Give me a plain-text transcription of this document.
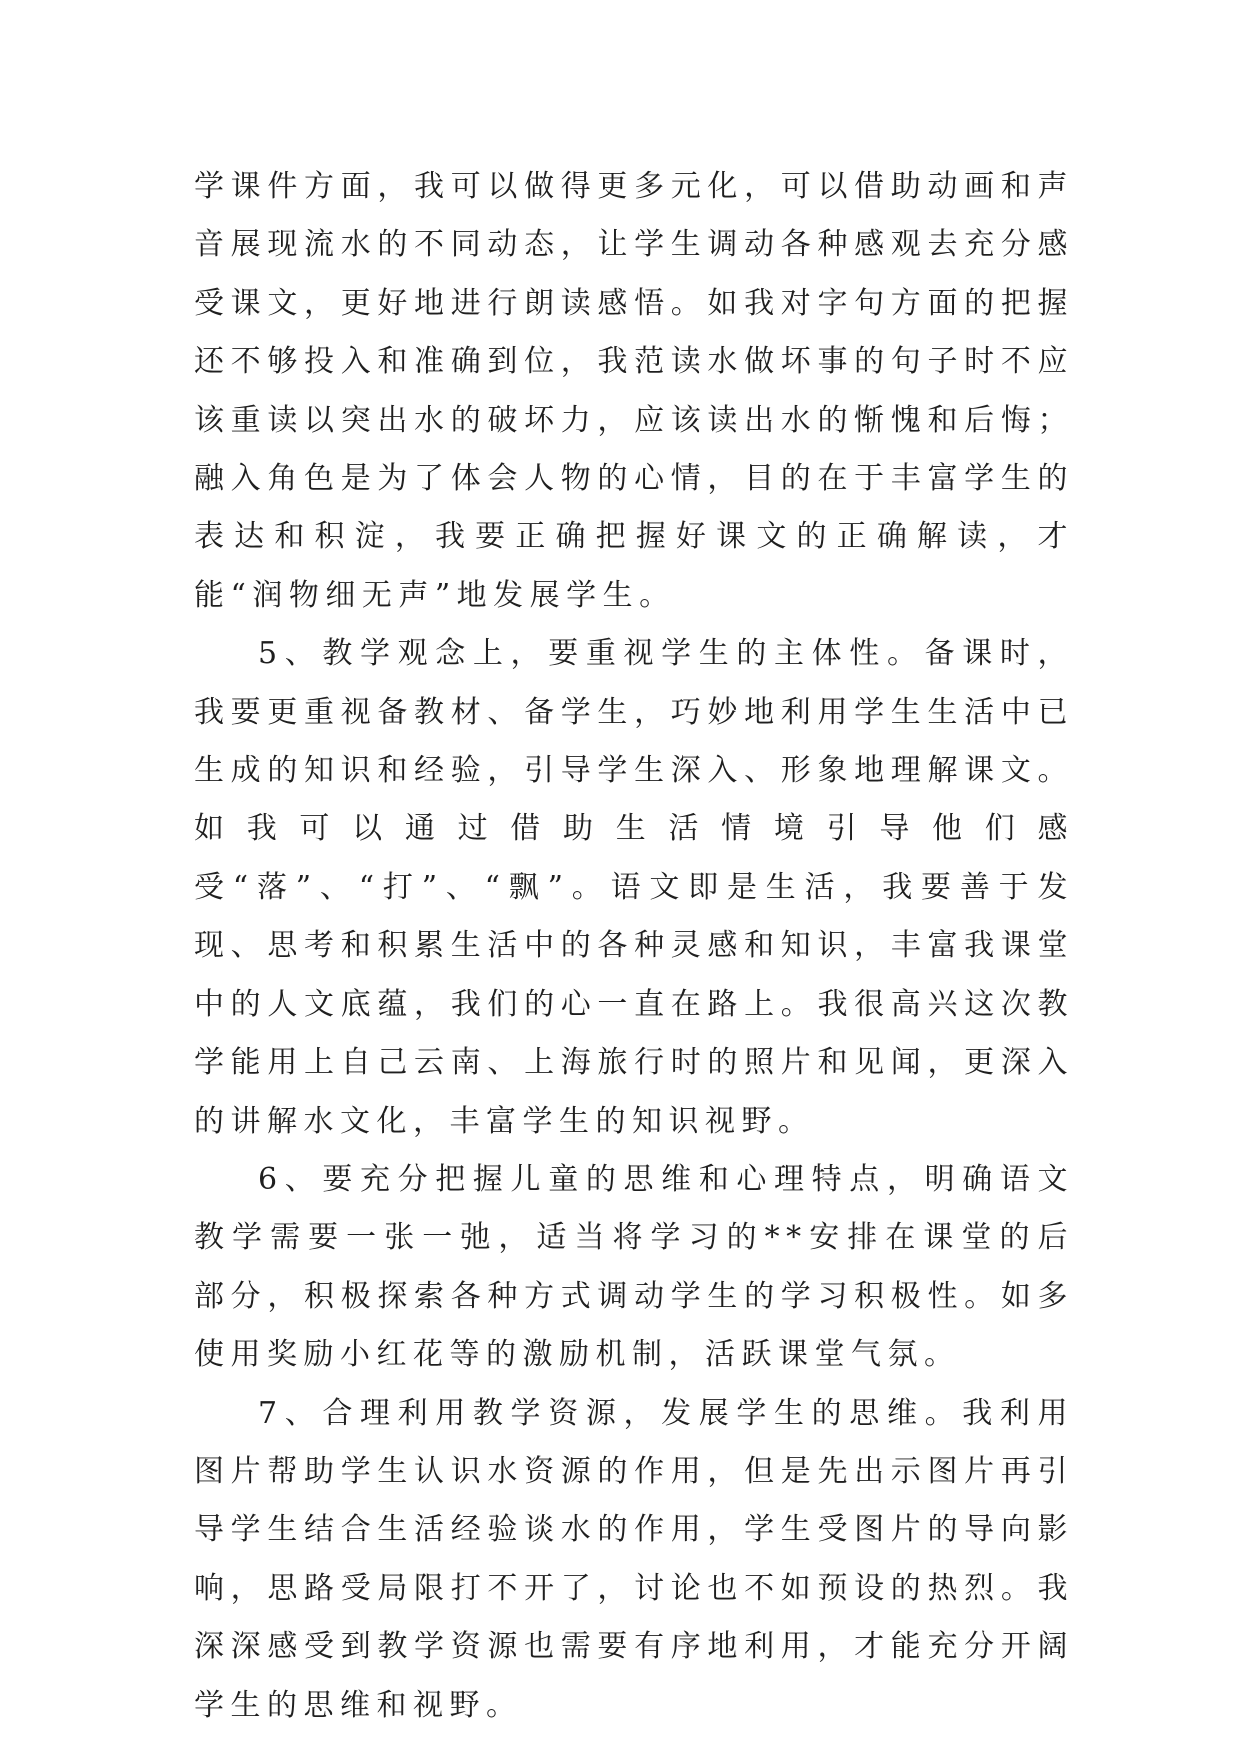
学课件方面，我可以做得更多元化，可以借助动画和声音展现流水的不同动态，让学生调动各种感观去充分感受课文，更好地进行朗读感悟。如我对字句方面的把握还不够投入和准确到位，我范读水做坏事的句子时不应该重读以突出水的破坏力，应该读出水的惭愧和后悔；融入角色是为了体会人物的心情，目的在于丰富学生的表达和积淀，我要正确把握好课文的正确解读，才能“润物细无声”地发展学生。

5、教学观念上，要重视学生的主体性。备课时，我要更重视备教材、备学生，巧妙地利用学生生活中已生成的知识和经验，引导学生深入、形象地理解课文。如我可以通过借助生活情境引导他们感受“落”、“打”、“飘”。语文即是生活，我要善于发现、思考和积累生活中的各种灵感和知识，丰富我课堂中的人文底蕴，我们的心一直在路上。我很高兴这次教学能用上自己云南、上海旅行时的照片和见闻，更深入的讲解水文化，丰富学生的知识视野。

6、要充分把握儿童的思维和心理特点，明确语文教学需要一张一弛，适当将学习的**安排在课堂的后部分，积极探索各种方式调动学生的学习积极性。如多使用奖励小红花等的激励机制，活跃课堂气氛。

7、合理利用教学资源，发展学生的思维。我利用图片帮助学生认识水资源的作用，但是先出示图片再引导学生结合生活经验谈水的作用，学生受图片的导向影响，思路受局限打不开了，讨论也不如预设的热烈。我深深感受到教学资源也需要有序地利用，才能充分开阔学生的思维和视野。
